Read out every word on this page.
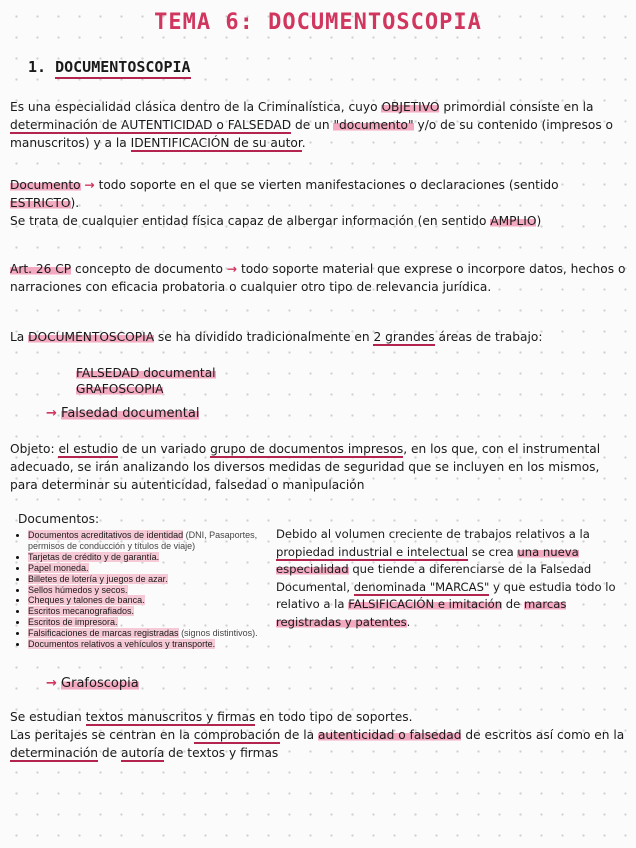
TEMA 6: DOCUMENTOSCOPIA
1. DOCUMENTOSCOPIA

Es una especialidad clásica dentro de la Criminalística, cuyo OBJETIVO primordial consiste en la determinación de AUTENTICIDAD o FALSEDAD de un "documento" y/o de su contenido (impresos o manuscritos) y a la IDENTIFICACIÓN de su autor.

Documento → todo soporte en el que se vierten manifestaciones o declaraciones (sentido ESTRICTO).
Se trata de cualquier entidad física capaz de albergar información (en sentido AMPLIO)

Art. 26 CP concepto de documento → todo soporte material que exprese o incorpore datos, hechos o narraciones con eficacia probatoria o cualquier otro tipo de relevancia jurídica.

La DOCUMENTOSCOPIA se ha dividido tradicionalmente en 2 grandes áreas de trabajo:

FALSEDAD documental

GRAFOSCOPIA

→ Falsedad documental

Objeto: el estudio de un variado grupo de documentos impresos, en los que, con el instrumental adecuado, se irán analizando los diversos medidas de seguridad que se incluyen en los mismos, para determinar su autenticidad, falsedad o manipulación

Documentos:

• Documentos acreditativos de identidad (DNI, Pasaportes, permisos de conducción y títulos de viaje)
• Tarjetas de crédito y de garantía.
• Papel moneda.
• Billetes de lotería y juegos de azar.
• Sellos húmedos y secos.
• Cheques y talones de banca.
• Escritos mecanografiados.
• Escritos de impresora.
• Falsificaciones de marcas registradas (signos distintivos).
• Documentos relativos a vehículos y transporte.

Debido al volumen creciente de trabajos relativos a la propiedad industrial e intelectual se crea una nueva especialidad que tiende a diferenciarse de la Falsedad Documental, denominada "MARCAS" y que estudia todo lo relativo a la FALSIFICACIÓN e imitación de marcas registradas y patentes.

→ Grafoscopia

Se estudian textos manuscritos y firmas en todo tipo de soportes.
Las peritajes se centran en la comprobación de la autenticidad o falsedad de escritos así como en la determinación de autoría de textos y firmas
